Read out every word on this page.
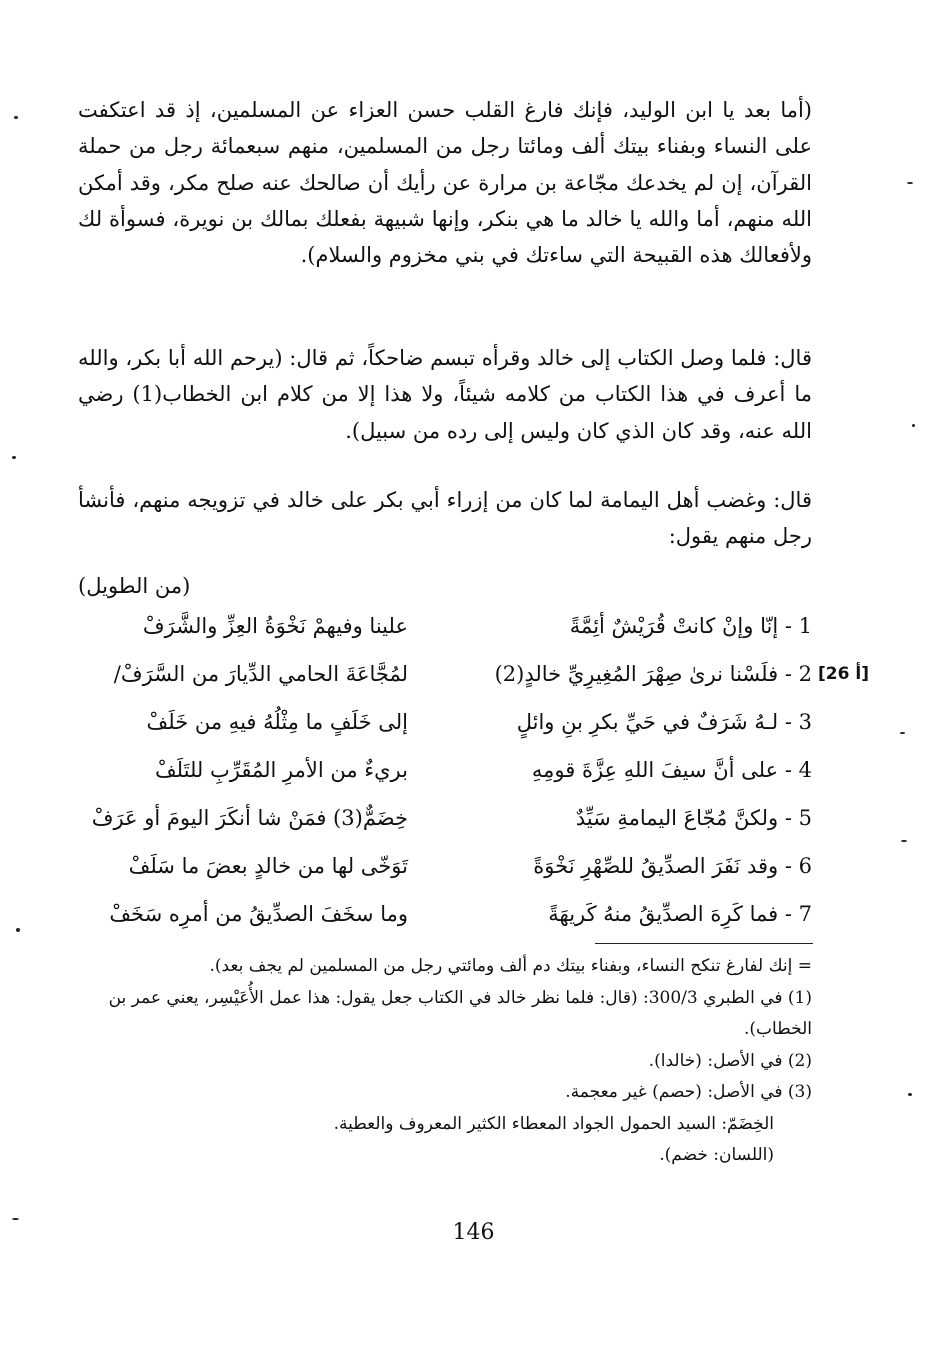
(أما بعد يا ابن الوليد، فإنك فارغ القلب حسن العزاء عن المسلمين، إذ قد اعتكفت على النساء وبفناء بيتك ألف ومائتا رجل من المسلمين، منهم سبعمائة رجل من حملة القرآن، إن لم يخدعك مجّاعة بن مرارة عن رأيك أن صالحك عنه صلح مكر، وقد أمكن الله منهم، أما والله يا خالد ما هي بنكر، وإنها شبيهة بفعلك بمالك بن نويرة، فسوأة لك ولأفعالك هذه القبيحة التي ساءتك في بني مخزوم والسلام).

قال: فلما وصل الكتاب إلى خالد وقرأه تبسم ضاحكاً، ثم قال: (يرحم الله أبا بكر، والله ما أعرف في هذا الكتاب من كلامه شيئاً، ولا هذا إلا من كلام ابن الخطاب(1) رضي الله عنه، وقد كان الذي كان وليس إلى رده من سبيل).

قال: وغضب أهل اليمامة لما كان من إزراء أبي بكر على خالد في تزويجه منهم، فأنشأ رجل منهم يقول:

(من الطويل)
[26 أ]
1 - إنّا وإنْ كانتْ قُرَيْشٌ أئِمَّةً
علينا وفيهمْ نَخْوَةُ العِزِّ والشَّرَفْ
2 - فلَسْنا نرىٰ صِهْرَ المُغِيرِيِّ خالدٍ(2)
لمُجَّاعَةَ الحامي الدِّيارَ من السَّرَفْ/
3 - لـهُ شَرَفٌ في حَيِّ بكرِ بنِ وائلٍ
إلى خَلَفٍ ما مِثْلُهُ فيهِ من خَلَفْ
4 - على أنَّ سيفَ اللهِ عِزَّةَ قومِهِ
بريءٌ من الأمرِ المُقَرِّبِ للتَلَفْ
5 - ولكنَّ مُجّاعَ اليمامةِ سَيِّدٌ
خِضَمٌّ(3) فمَنْ شا أنكَرَ اليومَ أو عَرَفْ
6 - وقد نَفَرَ الصدِّيقُ للصِّهْرِ نَخْوَةً
تَوَخّى لها من خالدٍ بعضَ ما سَلَفْ
7 - فما كَرِهَ الصدِّيقُ منهُ كَريهَةً
وما سخَفَ الصدِّيقُ من أمرِه سَخَفْ

= إنك لفارغ تنكح النساء، وبفناء بيتك دم ألف ومائتي رجل من المسلمين لم يجف بعد).

(1) في الطبري 300/3: (قال: فلما نظر خالد في الكتاب جعل يقول: هذا عمل الأُعَيْسِر، يعني عمر بن الخطاب).

(2) في الأصل: (خالدا).

(3) في الأصل: (حصم) غير معجمة.

الخِضَمّ: السيد الحمول الجواد المعطاء الكثير المعروف والعطية.

(اللسان: خضم).

146
